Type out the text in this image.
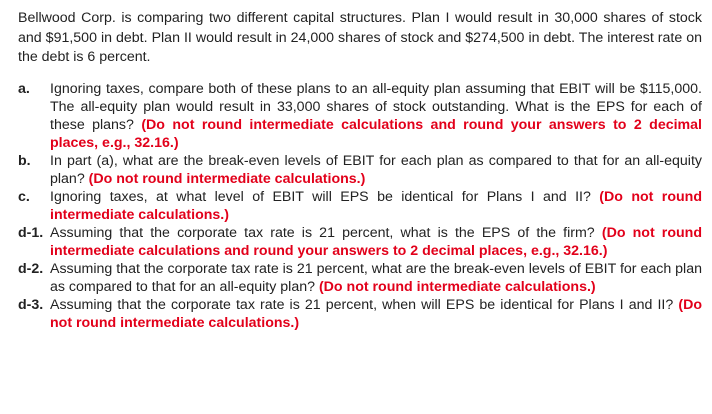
Bellwood Corp. is comparing two different capital structures. Plan I would result in 30,000 shares of stock and $91,500 in debt. Plan II would result in 24,000 shares of stock and $274,500 in debt. The interest rate on the debt is 6 percent.

a.	Ignoring taxes, compare both of these plans to an all-equity plan assuming that EBIT will be $115,000. The all-equity plan would result in 33,000 shares of stock outstanding. What is the EPS for each of these plans? (Do not round intermediate calculations and round your answers to 2 decimal places, e.g., 32.16.)
b.	In part (a), what are the break-even levels of EBIT for each plan as compared to that for an all-equity plan? (Do not round intermediate calculations.)
c.	Ignoring taxes, at what level of EBIT will EPS be identical for Plans I and II? (Do not round intermediate calculations.)
d-1. Assuming that the corporate tax rate is 21 percent, what is the EPS of the firm? (Do not round intermediate calculations and round your answers to 2 decimal places, e.g., 32.16.)
d-2. Assuming that the corporate tax rate is 21 percent, what are the break-even levels of EBIT for each plan as compared to that for an all-equity plan? (Do not round intermediate calculations.)
d-3. Assuming that the corporate tax rate is 21 percent, when will EPS be identical for Plans I and II? (Do not round intermediate calculations.)
